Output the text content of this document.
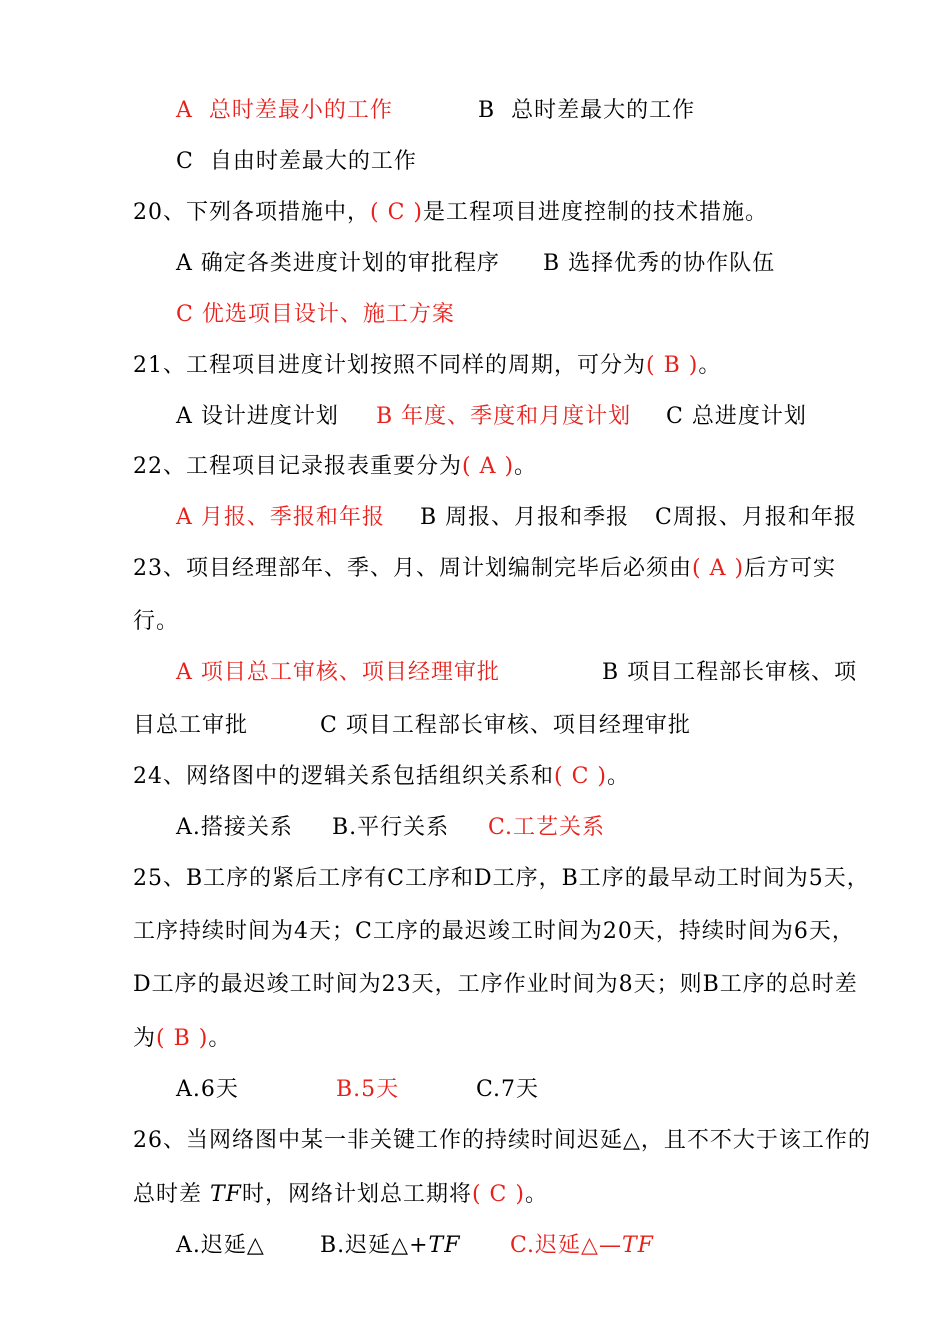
A  总时差最小的工作	B  总时差最大的工作
C  自由时差最大的工作
20、下列各项措施中，( C )是工程项目进度控制的技术措施。
A 确定各类进度计划的审批程序 B 选择优秀的协作队伍
C 优选项目设计、施工方案
21、工程项目进度计划按照不同样的周期，可分为( B )。
A 设计进度计划 B 年度、季度和月度计划 C 总进度计划
22、工程项目记录报表重要分为( A )。
A 月报、季报和年报 B 周报、月报和季报 C周报、月报和年报
23、项目经理部年、季、月、周计划编制完毕后必须由( A )后方可实
行。
A 项目总工审核、项目经理审批	B 项目工程部长审核、项
目总工审批	C 项目工程部长审核、项目经理审批
24、网络图中的逻辑关系包括组织关系和( C )。
A.搭接关系 B.平行关系 C.工艺关系
25、B工序的紧后工序有C工序和D工序，B工序的最早动工时间为5天，
工序持续时间为4天；C工序的最迟竣工时间为20天，持续时间为6天，
D工序的最迟竣工时间为23天，工序作业时间为8天；则B工序的总时差
为( B )。
A.6天	B.5天	C.7天
26、当网络图中某一非关键工作的持续时间迟延△，且不不大于该工作的
总时差 TF时，网络计划总工期将( C )。
A.迟延△	B.迟延△+TF C.迟延△—TF
